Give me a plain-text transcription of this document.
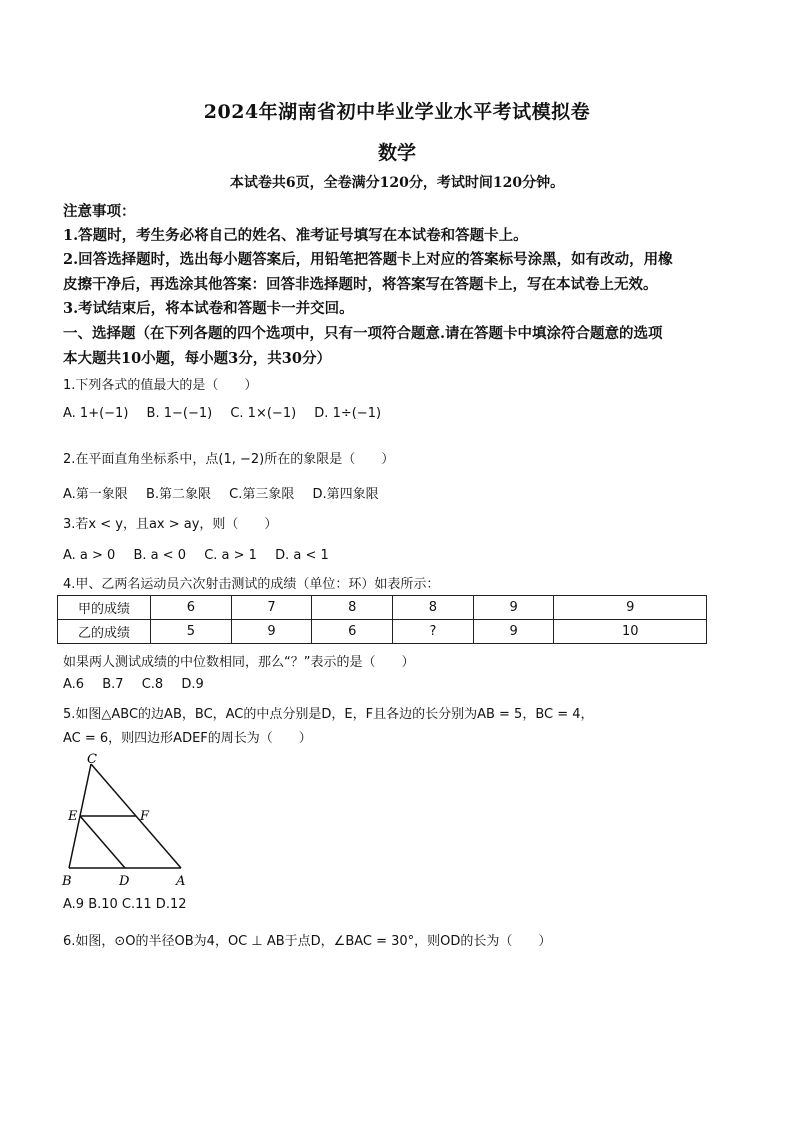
2024年湖南省初中毕业学业水平考试模拟卷
数学
本试卷共6页，全卷满分120分，考试时间120分钟。
注意事项：
1.答题时，考生务必将自己的姓名、准考证号填写在本试卷和答题卡上。
2.回答选择题时，选出每小题答案后，用铅笔把答题卡上对应的答案标号涂黑，如有改动，用橡
皮擦干净后，再选涂其他答案：回答非选择题时，将答案写在答题卡上，写在本试卷上无效。
3.考试结束后，将本试卷和答题卡一并交回。
一、选择题（在下列各题的四个选项中，只有一项符合题意.请在答题卡中填涂符合题意的选项
本大题共10小题，每小题3分，共30分）
1.下列各式的值最大的是（　　）
A. 1+(−1) B. 1−(−1) C. 1×(−1) D. 1÷(−1)
2.在平面直角坐标系中，点(1, −2)所在的象限是（　　）
A.第一象限 B.第二象限 C.第三象限 D.第四象限
3.若x < y，且ax > ay，则（　　）
A. a > 0 B. a < 0 C. a > 1 D. a < 1
4.甲、乙两名运动员六次射击测试的成绩（单位：环）如表所示：
甲的成绩	6	7	8	8	9	9
乙的成绩	5	9	6	?	9	10
如果两人测试成绩的中位数相同，那么“？”表示的是（　　）
A.6 B.7 C.8 D.9
5.如图△ABC的边AB，BC，AC的中点分别是D，E，F且各边的长分别为AB = 5，BC = 4，
AC = 6，则四边形ADEF的周长为（　　）
C
E	F
B	D	A
A.9 B.10 C.11 D.12
6.如图，⊙O的半径OB为4，OC ⊥ AB于点D，∠BAC = 30°，则OD的长为（　　）
